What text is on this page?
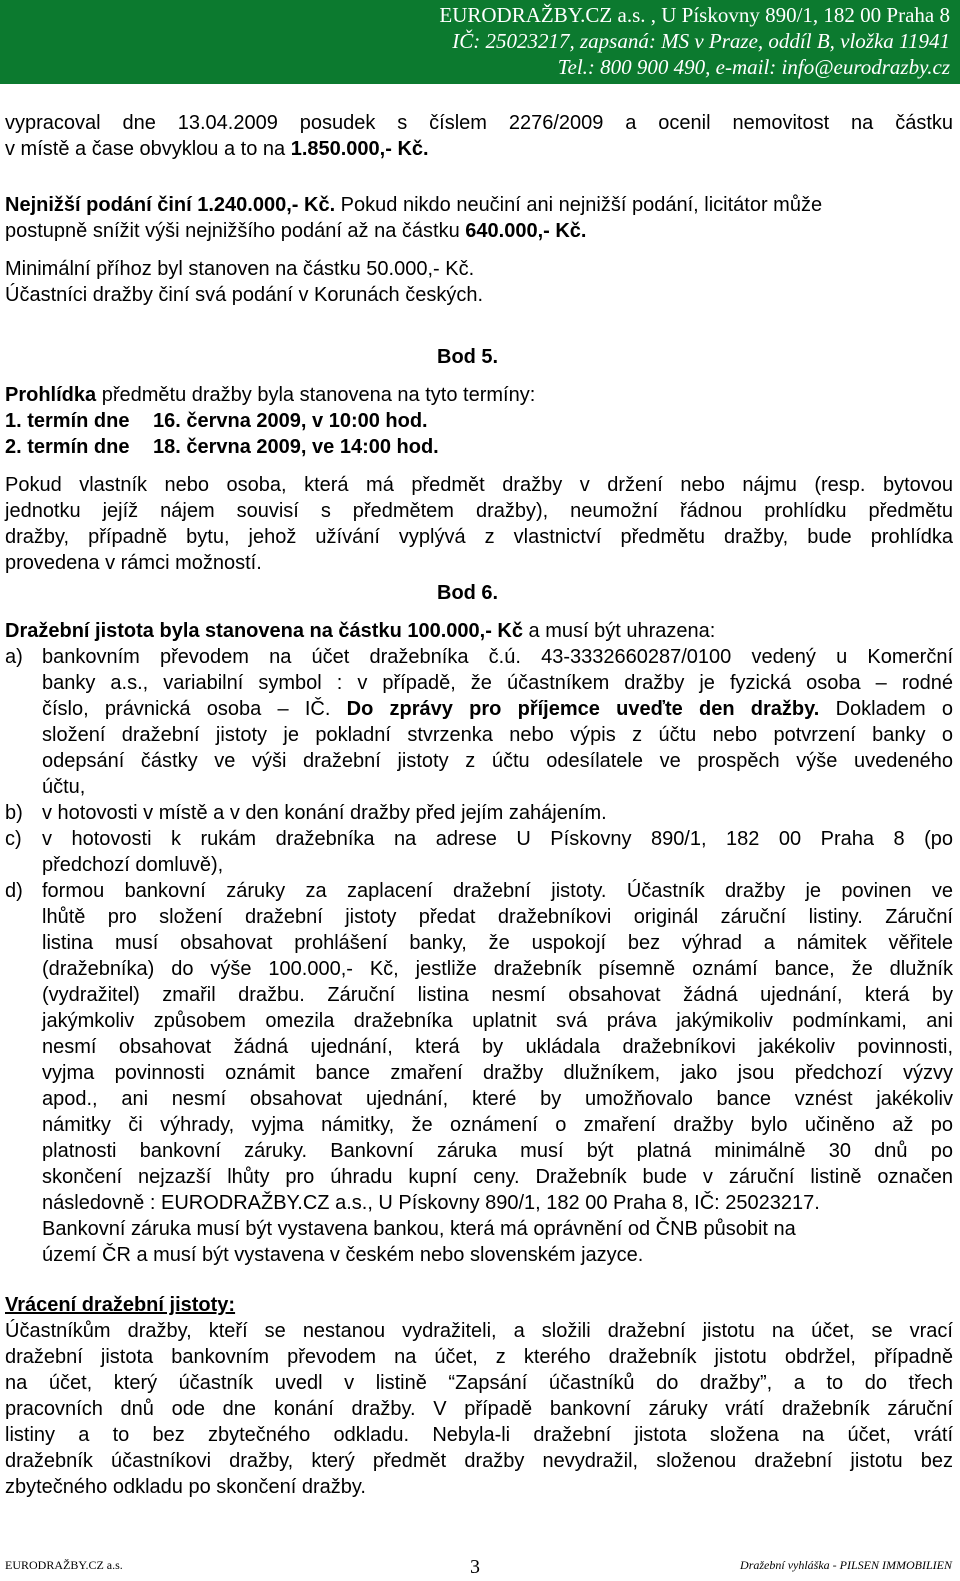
EURODRAŽBY.CZ a.s. , U Pískovny 890/1, 182 00 Praha 8
IČ: 25023217, zapsaná: MS v Praze, oddíl B, vložka 11941
Tel.: 800 900 490, e-mail: info@eurodrazby.cz
vypracoval dne 13.04.2009 posudek s číslem 2276/2009 a ocenil nemovitost na částku
v místě a čase obvyklou a to na 1.850.000,- Kč.
Nejnižší podání činí 1.240.000,- Kč. Pokud nikdo neučiní ani nejnižší podání, licitátor může
postupně snížit výši nejnižšího podání až na částku 640.000,- Kč.
Minimální příhoz byl stanoven na částku 50.000,- Kč.
Účastníci dražby činí svá podání v Korunách českých.
Bod 5.
Prohlídka předmětu dražby byla stanovena na tyto termíny:
1. termín dne	16. června 2009, v 10:00 hod.
2. termín dne	18. června 2009, ve 14:00 hod.
Pokud vlastník nebo osoba, která má předmět dražby v držení nebo nájmu (resp. bytovou
jednotku jejíž nájem souvisí s předmětem dražby), neumožní řádnou prohlídku předmětu
dražby, případně bytu, jehož užívání vyplývá z vlastnictví předmětu dražby, bude prohlídka
provedena v rámci možností.
Bod 6.
Dražební jistota byla stanovena na částku 100.000,- Kč a musí být uhrazena:
a) bankovním převodem na účet dražebníka č.ú. 43-3332660287/0100 vedený u Komerční
banky a.s., variabilní symbol : v případě, že účastníkem dražby je fyzická osoba – rodné
číslo, právnická osoba – IČ. Do zprávy pro příjemce uveďte den dražby. Dokladem o
složení dražební jistoty je pokladní stvrzenka nebo výpis z účtu nebo potvrzení banky o
odepsání částky ve výši dražební jistoty z účtu odesílatele ve prospěch výše uvedeného
účtu,
b) v hotovosti v místě a v den konání dražby před jejím zahájením.
c)	v hotovosti k rukám dražebníka na adrese U Pískovny 890/1, 182 00 Praha 8 (po
předchozí domluvě),
d) formou bankovní záruky za zaplacení dražební jistoty. Účastník dražby je povinen ve
lhůtě pro složení dražební jistoty předat dražebníkovi originál záruční listiny. Záruční
listina musí obsahovat prohlášení banky, že uspokojí bez výhrad a námitek věřitele
(dražebníka) do výše 100.000,- Kč, jestliže dražebník písemně oznámí bance, že dlužník
(vydražitel) zmařil dražbu. Záruční listina nesmí obsahovat žádná ujednání, která by
jakýmkoliv způsobem omezila dražebníka uplatnit svá práva jakýmikoliv podmínkami, ani
nesmí obsahovat žádná ujednání, která by ukládala dražebníkovi jakékoliv povinnosti,
vyjma povinnosti oznámit bance zmaření dražby dlužníkem, jako jsou předchozí výzvy
apod., ani nesmí obsahovat ujednání, které by umožňovalo bance vznést jakékoliv
námitky či výhrady, vyjma námitky, že oznámení o zmaření dražby bylo učiněno až po
platnosti bankovní záruky. Bankovní záruka musí být platná minimálně 30 dnů po
skončení nejzazší lhůty pro úhradu kupní ceny. Dražebník bude v záruční listině označen
následovně : EURODRAŽBY.CZ a.s., U Pískovny 890/1, 182 00 Praha 8, IČ: 25023217.
Bankovní záruka musí být vystavena bankou, která má oprávnění od ČNB působit na
území ČR a musí být vystavena v českém nebo slovenském jazyce.
Vrácení dražební jistoty:
Účastníkům dražby, kteří se nestanou vydražiteli, a složili dražební jistotu na účet, se vrací
dražební jistota bankovním převodem na účet, z kterého dražebník jistotu obdržel, případně
na účet, který účastník uvedl v listině “Zapsání účastníků do dražby”, a to do třech
pracovních dnů ode dne konání dražby. V případě bankovní záruky vrátí dražebník záruční
listiny a to bez zbytečného odkladu. Nebyla-li dražební jistota složena na účet, vrátí
dražebník účastníkovi dražby, který předmět dražby nevydražil, složenou dražební jistotu bez
zbytečného odkladu po skončení dražby.
EURODRAŽBY.CZ a.s.	3	Dražební vyhláška - PILSEN IMMOBILIEN
